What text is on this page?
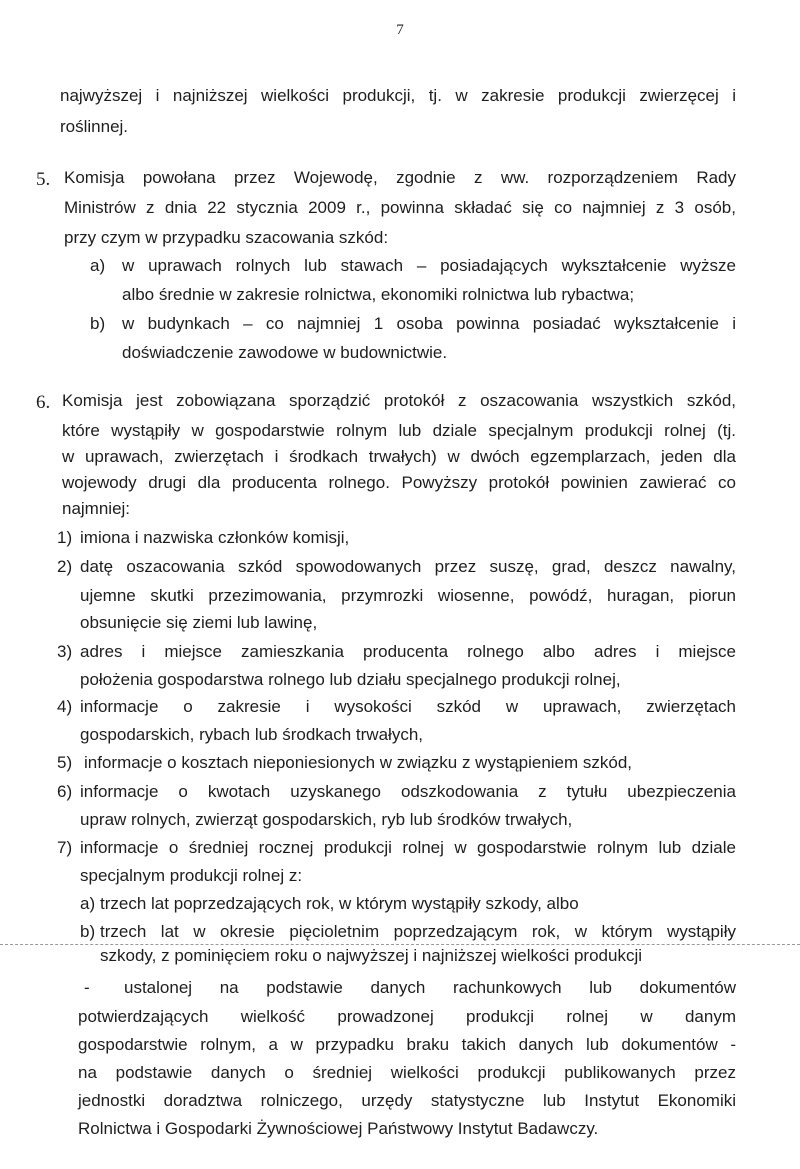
7
najwyższej i najniższej wielkości produkcji, tj. w zakresie produkcji zwierzęcej i
roślinnej.
5. Komisja powołana przez Wojewodę, zgodnie z ww. rozporządzeniem Rady
Ministrów z dnia 22 stycznia 2009 r., powinna składać się co najmniej z 3 osób,
przy czym w przypadku szacowania szkód:
a) w uprawach rolnych lub stawach – posiadających wykształcenie wyższe
albo średnie w zakresie rolnictwa, ekonomiki rolnictwa lub rybactwa;
b) w budynkach – co najmniej 1 osoba powinna posiadać wykształcenie i
doświadczenie zawodowe w budownictwie.
6. Komisja jest zobowiązana sporządzić protokół z oszacowania wszystkich szkód,
które wystąpiły w gospodarstwie rolnym lub dziale specjalnym produkcji rolnej (tj.
w uprawach, zwierzętach i środkach trwałych) w dwóch egzemplarzach, jeden dla
wojewody drugi dla producenta rolnego. Powyższy protokół powinien zawierać co
najmniej:
1) imiona i nazwiska członków komisji,
2) datę oszacowania szkód spowodowanych przez suszę, grad, deszcz nawalny,
ujemne skutki przezimowania, przymrozki wiosenne, powódź, huragan, piorun
obsunięcie się ziemi lub lawinę,
3) adres i miejsce zamieszkania producenta rolnego albo adres i miejsce
położenia gospodarstwa rolnego lub działu specjalnego produkcji rolnej,
4) informacje o zakresie i wysokości szkód w uprawach, zwierzętach
gospodarskich, rybach lub środkach trwałych,
5) informacje o kosztach nieponiesionych w związku z wystąpieniem szkód,
6) informacje o kwotach uzyskanego odszkodowania z tytułu ubezpieczenia
upraw rolnych, zwierząt gospodarskich, ryb lub środków trwałych,
7) informacje o średniej rocznej produkcji rolnej w gospodarstwie rolnym lub dziale
specjalnym produkcji rolnej z:
a) trzech lat poprzedzających rok, w którym wystąpiły szkody, albo
b) trzech lat w okresie pięcioletnim poprzedzającym rok, w którym wystąpiły
szkody, z pominięciem roku o najwyższej i najniższej wielkości produkcji
- ustalonej na podstawie danych rachunkowych lub dokumentów
potwierdzających wielkość prowadzonej produkcji rolnej w danym
gospodarstwie rolnym, a w przypadku braku takich danych lub dokumentów -
na podstawie danych o średniej wielkości produkcji publikowanych przez
jednostki doradztwa rolniczego, urzędy statystyczne lub Instytut Ekonomiki
Rolnictwa i Gospodarki Żywnościowej Państwowy Instytut Badawczy.
